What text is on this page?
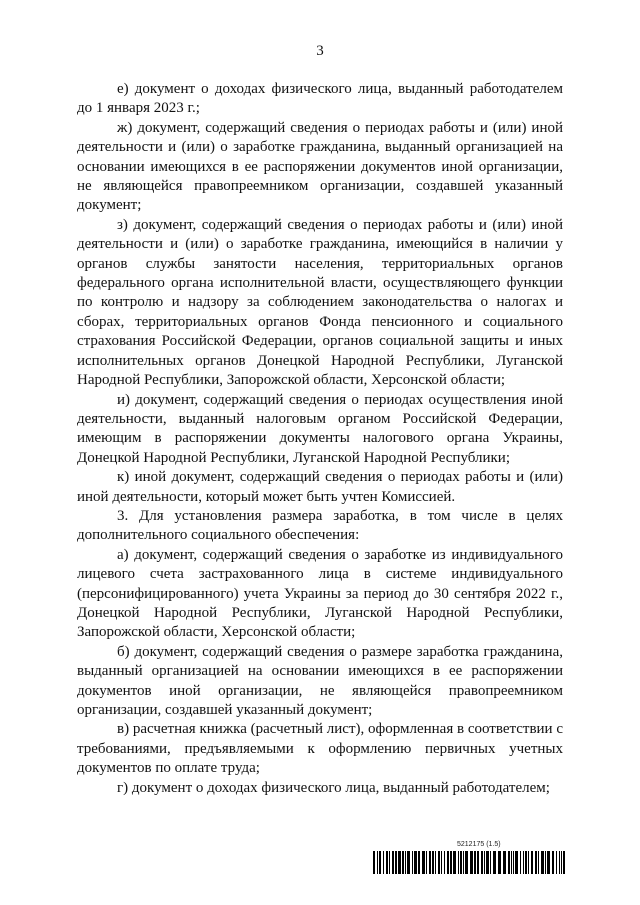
3

е) документ о доходах физического лица, выданный работодателем до 1 января 2023 г.;

ж) документ, содержащий сведения о периодах работы и (или) иной деятельности и (или) о заработке гражданина, выданный организацией на основании имеющихся в ее распоряжении документов иной организации, не являющейся правопреемником организации, создавшей указанный документ;

з) документ, содержащий сведения о периодах работы и (или) иной деятельности и (или) о заработке гражданина, имеющийся в наличии у органов службы занятости населения, территориальных органов федерального органа исполнительной власти, осуществляющего функции по контролю и надзору за соблюдением законодательства о налогах и сборах, территориальных органов Фонда пенсионного и социального страхования Российской Федерации, органов социальной защиты и иных исполнительных органов Донецкой Народной Республики, Луганской Народной Республики, Запорожской области, Херсонской области;

и) документ, содержащий сведения о периодах осуществления иной деятельности, выданный налоговым органом Российской Федерации, имеющим в распоряжении документы налогового органа Украины, Донецкой Народной Республики, Луганской Народной Республики;

к) иной документ, содержащий сведения о периодах работы и (или) иной деятельности, который может быть учтен Комиссией.

3. Для установления размера заработка, в том числе в целях дополнительного социального обеспечения:

а) документ, содержащий сведения о заработке из индивидуального лицевого счета застрахованного лица в системе индивидуального (персонифицированного) учета Украины за период до 30 сентября 2022 г., Донецкой Народной Республики, Луганской Народной Республики, Запорожской области, Херсонской области;

б) документ, содержащий сведения о размере заработка гражданина, выданный организацией на основании имеющихся в ее распоряжении документов иной организации, не являющейся правопреемником организации, создавшей указанный документ;

в) расчетная книжка (расчетный лист), оформленная в соответствии с требованиями, предъявляемыми к оформлению первичных учетных документов по оплате труда;

г) документ о доходах физического лица, выданный работодателем;

5212175 (1.5)
